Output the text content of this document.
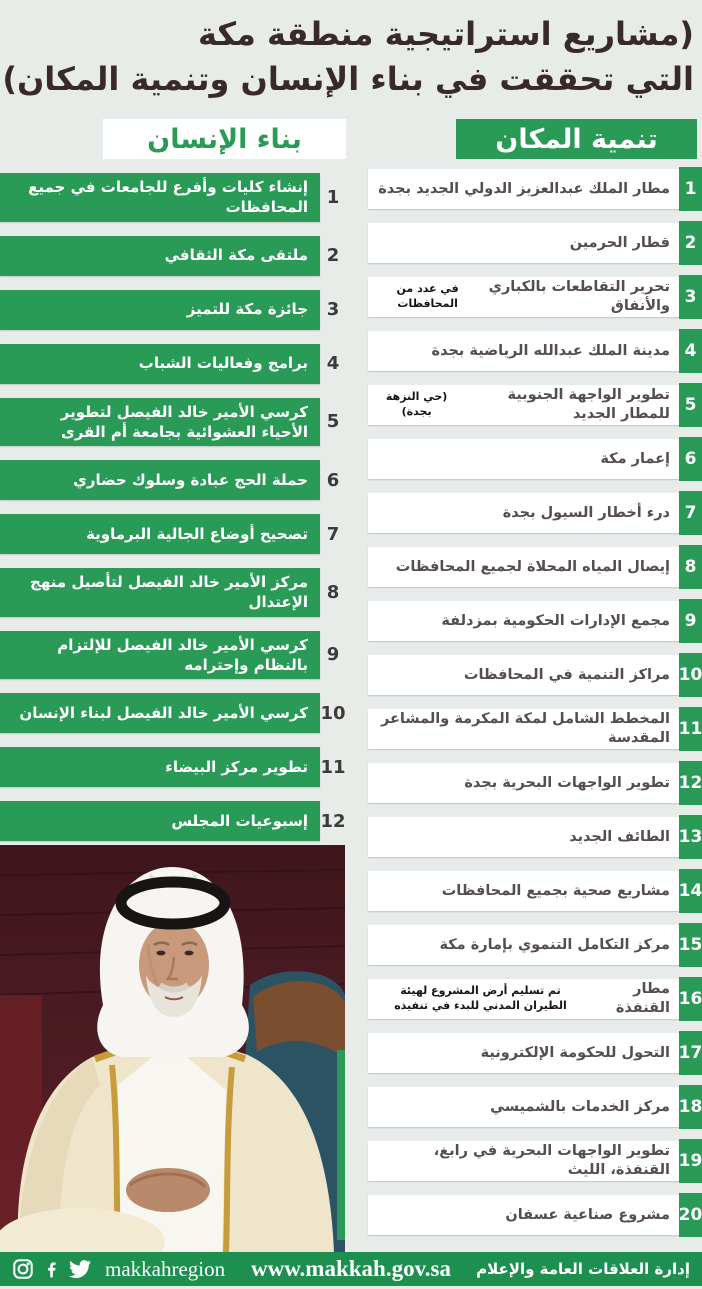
(مشاريع استراتيجية منطقة مكة
التي تحققت في بناء الإنسان وتنمية المكان)
تنمية المكان
بناء الإنسان
1
مطار الملك عبدالعزيز الدولي الجديد بجدة
2
قطار الحرمين
3
تحرير التقاطعات بالكباري والأنفاق
في عدد من المحافظات
4
مدينة الملك عبدالله الرياضية بجدة
5
تطوير الواجهة الجنوبية للمطار الجديد
(حي النزهة بجدة)
6
إعمار مكة
7
درء أخطار السيول بجدة
8
إيصال المياه المحلاة لجميع المحافظات
9
مجمع الإدارات الحكومية بمزدلفة
10
مراكز التنمية في المحافظات
11
المخطط الشامل لمكة المكرمة والمشاعر المقدسة
12
تطوير الواجهات البحرية بجدة
13
الطائف الجديد
14
مشاريع صحية بجميع المحافظات
15
مركز التكامل التنموي بإمارة مكة
16
مطار القنفذة
تم تسليم أرض المشروع لهيئة الطيران المدني للبدء في تنفيذه
17
التحول للحكومة الإلكترونية
18
مركز الخدمات بالشميسي
19
تطوير الواجهات البحرية في رابغ، القنفذة، الليث
20
مشروع صناعية عسفان
1
إنشاء كليات وأفرع للجامعات في جميع المحافظات
2
ملتقى مكة الثقافي
3
جائزة مكة للتميز
4
برامج وفعاليات الشباب
5
كرسي الأمير خالد الفيصل لتطوير الأحياء العشوائية بجامعة أم القرى
6
حملة الحج عبادة وسلوك حضاري
7
تصحيح أوضاع الجالية البرماوية
8
مركز الأمير خالد الفيصل لتأصيل منهج الإعتدال
9
كرسي الأمير خالد الفيصل للإلتزام بالنظام وإحترامه
10
كرسي الأمير خالد الفيصل لبناء الإنسان
11
تطوير مركز البيضاء
12
إسبوعيات المجلس
makkahregion www.makkah.gov.sa إدارة العلاقات العامة والإعلام
